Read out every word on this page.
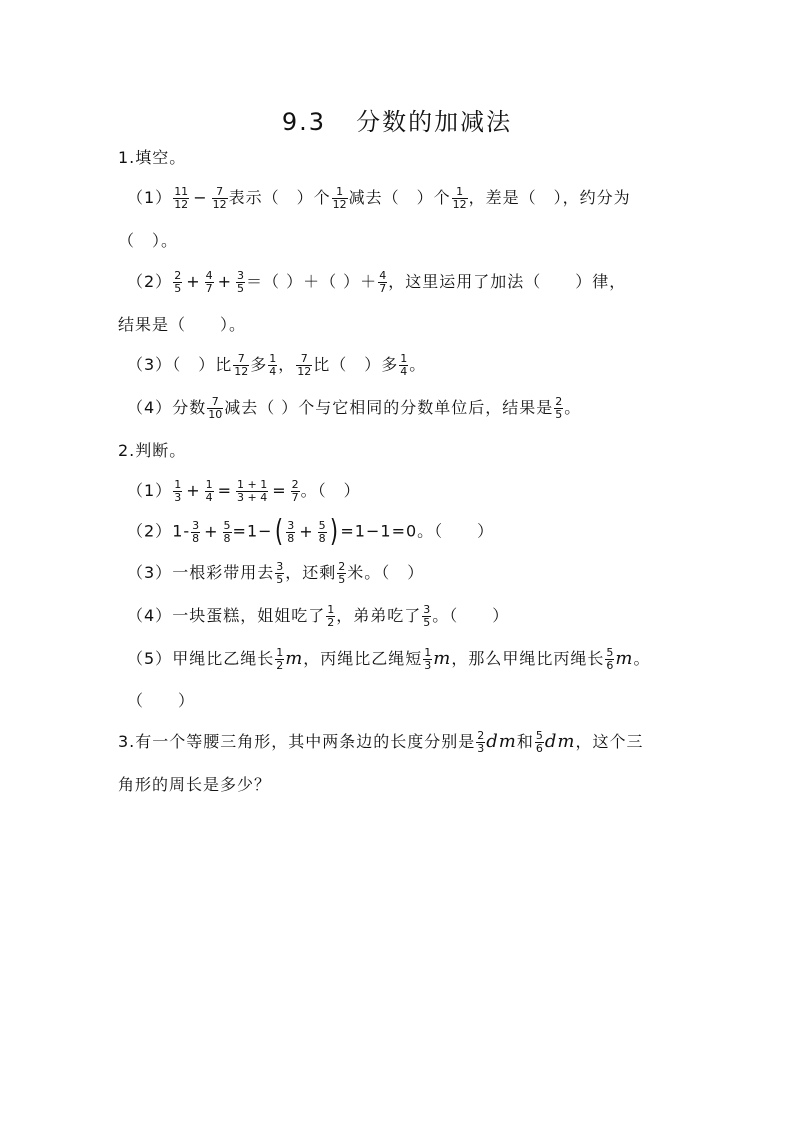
9.3 分数的加减法
1.填空。
$(1) \frac{11}{12} - \frac{7}{12}$ 表示（　）个 $\frac{1}{12}$ 减去（　）个 $\frac{1}{12}$ ，差是（　），约分为
（　）。
$(2) \frac{2}{5} + \frac{4}{7} + \frac{3}{5}$ ＝（ ）＋（ ）＋ $\frac{4}{7}$ ，这里运用了加法（　　）律，
结果是（　　）。
（3）（　）比 $\frac{7}{12}$ 多 $\frac{1}{4}$ ， $\frac{7}{12}$ 比（　）多 $\frac{1}{4}$ 。
（4）分数 $\frac{7}{10}$ 减去（ ）个与它相同的分数单位后，结果是 $\frac{2}{5}$ 。
2.判断。
$(1) \frac{1}{3} + \frac{1}{4} = \frac{1 + 1}{3 + 4} = \frac{2}{7}$ 。（　）
$(2)1- \frac{3}{8} + \frac{5}{8} =1-( \frac{3}{8} + \frac{5}{8}$ ) =1−1=0。（　　）
（3）一根彩带用去 $\frac{3}{5}$ ，还剩 $\frac{2}{5}$ 米。（　）
（4）一块蛋糕，姐姐吃了 $\frac{1}{2}$ ，弟弟吃了 $\frac{3}{5}$ 。（　　）
（5）甲绳比乙绳长 $\frac{1}{2}$ m，丙绳比乙绳短 $\frac{1}{3}$ m，那么甲绳比丙绳长 $\frac{5}{6}$ m。
（　　）
3.有一个等腰三角形，其中两条边的长度分别是 $\frac{2}{3}$ dm和 $\frac{5}{6}$ dm，这个三
角形的周长是多少？
